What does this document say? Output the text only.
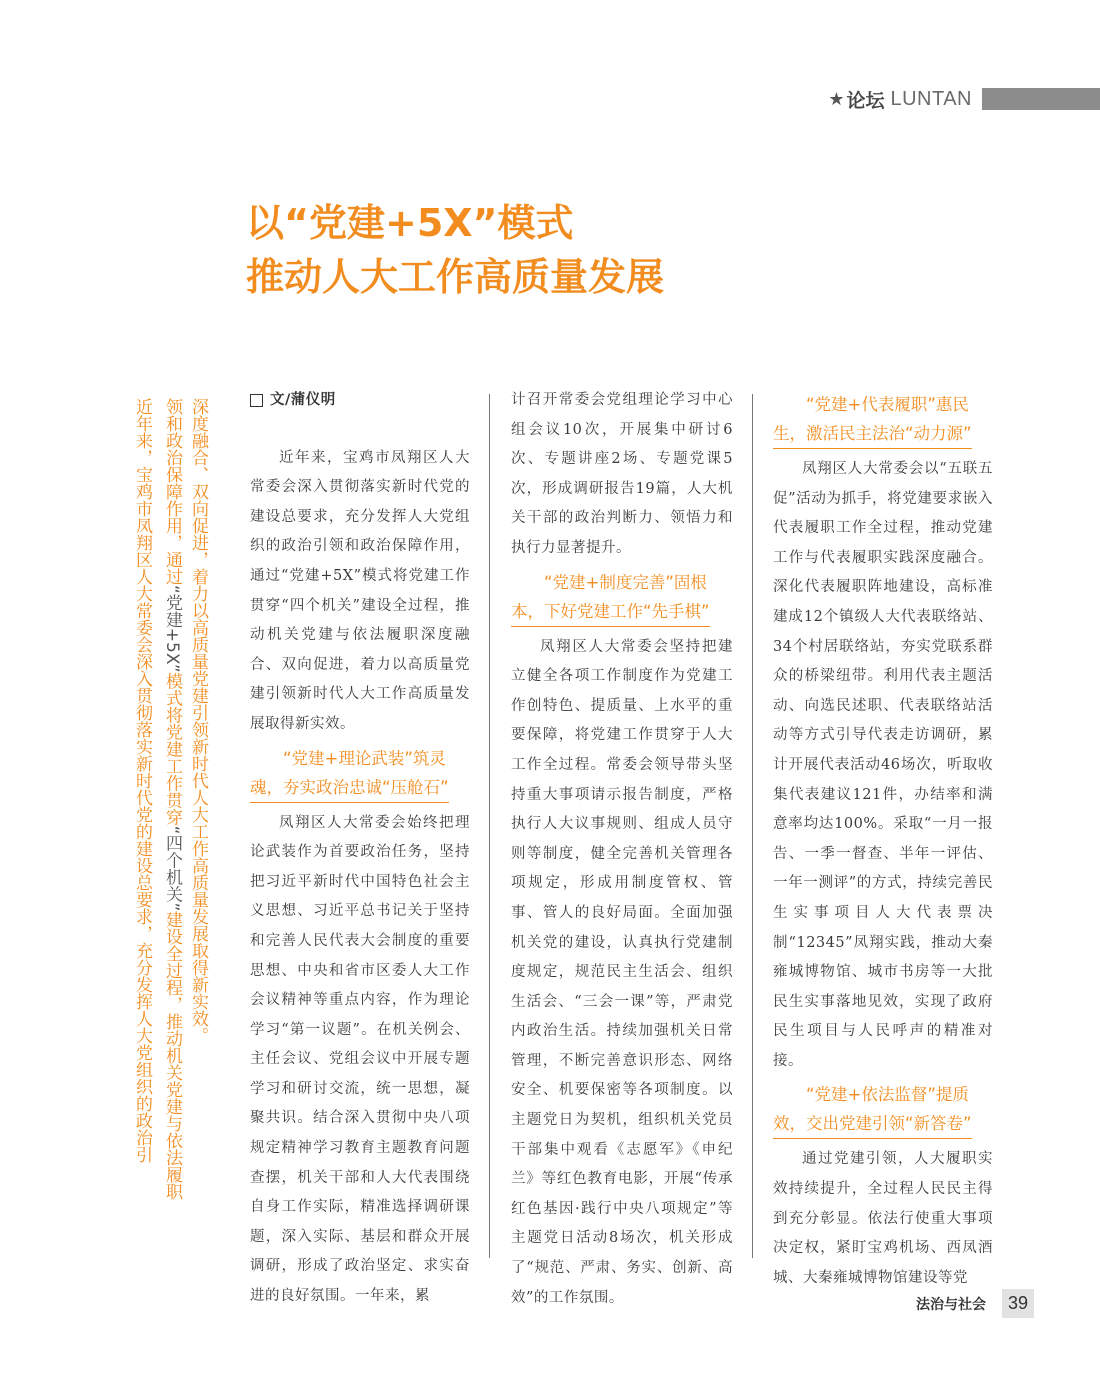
★ 论坛 LUNTAN
以“党建+5X”模式
推动人大工作高质量发展
深度融合、双向促进，着力以高质量党建引领新时代人大工作高质量发展取得新实效。
领和政治保障作用，通过“党建+5X”模式将党建工作贯穿“四个机关”建设全过程，推动机关党建与依法履职
近年来，宝鸡市凤翔区人大常委会深入贯彻落实新时代党的建设总要求，充分发挥人大党组织的政治引	文/蒲仪明

近年来，宝鸡市凤翔区人大常委会深入贯彻落实新时代党的建设总要求，充分发挥人大党组织的政治引领和政治保障作用，通过“党建+5X”模式将党建工作贯穿“四个机关”建设全过程，推动机关党建与依法履职深度融合、双向促进，着力以高质量党建引领新时代人大工作高质量发展取得新实效。

“党建+理论武装”筑灵
魂，夯实政治忠诚“压舱石”

凤翔区人大常委会始终把理论武装作为首要政治任务，坚持把习近平新时代中国特色社会主义思想、习近平总书记关于坚持和完善人民代表大会制度的重要思想、中央和省市区委人大工作会议精神等重点内容，作为理论学习“第一议题”。在机关例会、主任会议、党组会议中开展专题学习和研讨交流，统一思想，凝聚共识。结合深入贯彻中央八项规定精神学习教育主题教育问题查摆，机关干部和人大代表围绕自身工作实际，精准选择调研课题，深入实际、基层和群众开展调研，形成了政治坚定、求实奋进的良好氛围。一年来，累

计召开常委会党组理论学习中心组会议10次，开展集中研讨6次、专题讲座2场、专题党课5次，形成调研报告19篇，人大机关干部的政治判断力、领悟力和执行力显著提升。
“党建+制度完善”固根
本，下好党建工作“先手棋”

凤翔区人大常委会坚持把建立健全各项工作制度作为党建工作创特色、提质量、上水平的重要保障，将党建工作贯穿于人大工作全过程。常委会领导带头坚持重大事项请示报告制度，严格执行人大议事规则、组成人员守则等制度，健全完善机关管理各项规定，形成用制度管权、管事、管人的良好局面。全面加强机关党的建设，认真执行党建制度规定，规范民主生活会、组织生活会、“三会一课”等，严肃党内政治生活。持续加强机关日常管理，不断完善意识形态、网络安全、机要保密等各项制度。以主题党日为契机，组织机关党员干部集中观看《志愿军》《申纪兰》等红色教育电影，开展“传承红色基因·践行中央八项规定”等主题党日活动8场次，机关形成了“规范、严肃、务实、创新、高效”的工作氛围。

“党建+代表履职”惠民
生，激活民主法治“动力源”

凤翔区人大常委会以“五联五促”活动为抓手，将党建要求嵌入代表履职工作全过程，推动党建工作与代表履职实践深度融合。深化代表履职阵地建设，高标准建成12个镇级人大代表联络站、34个村居联络站，夯实党联系群众的桥梁纽带。利用代表主题活动、向选民述职、代表联络站活动等方式引导代表走访调研，累计开展代表活动46场次，听取收集代表建议121件，办结率和满意率均达100%。采取“一月一报告、一季一督查、半年一评估、一年一测评”的方式，持续完善民生实事项目人大代表票决制“12345”凤翔实践，推动大秦雍城博物馆、城市书房等一大批民生实事落地见效，实现了政府民生项目与人民呼声的精准对接。

“党建+依法监督”提质
效，交出党建引领“新答卷”

通过党建引领，人大履职实效持续提升，全过程人民民主得到充分彰显。依法行使重大事项决定权，紧盯宝鸡机场、西凤酒城、大秦雍城博物馆建设等党

法治与社会	39
